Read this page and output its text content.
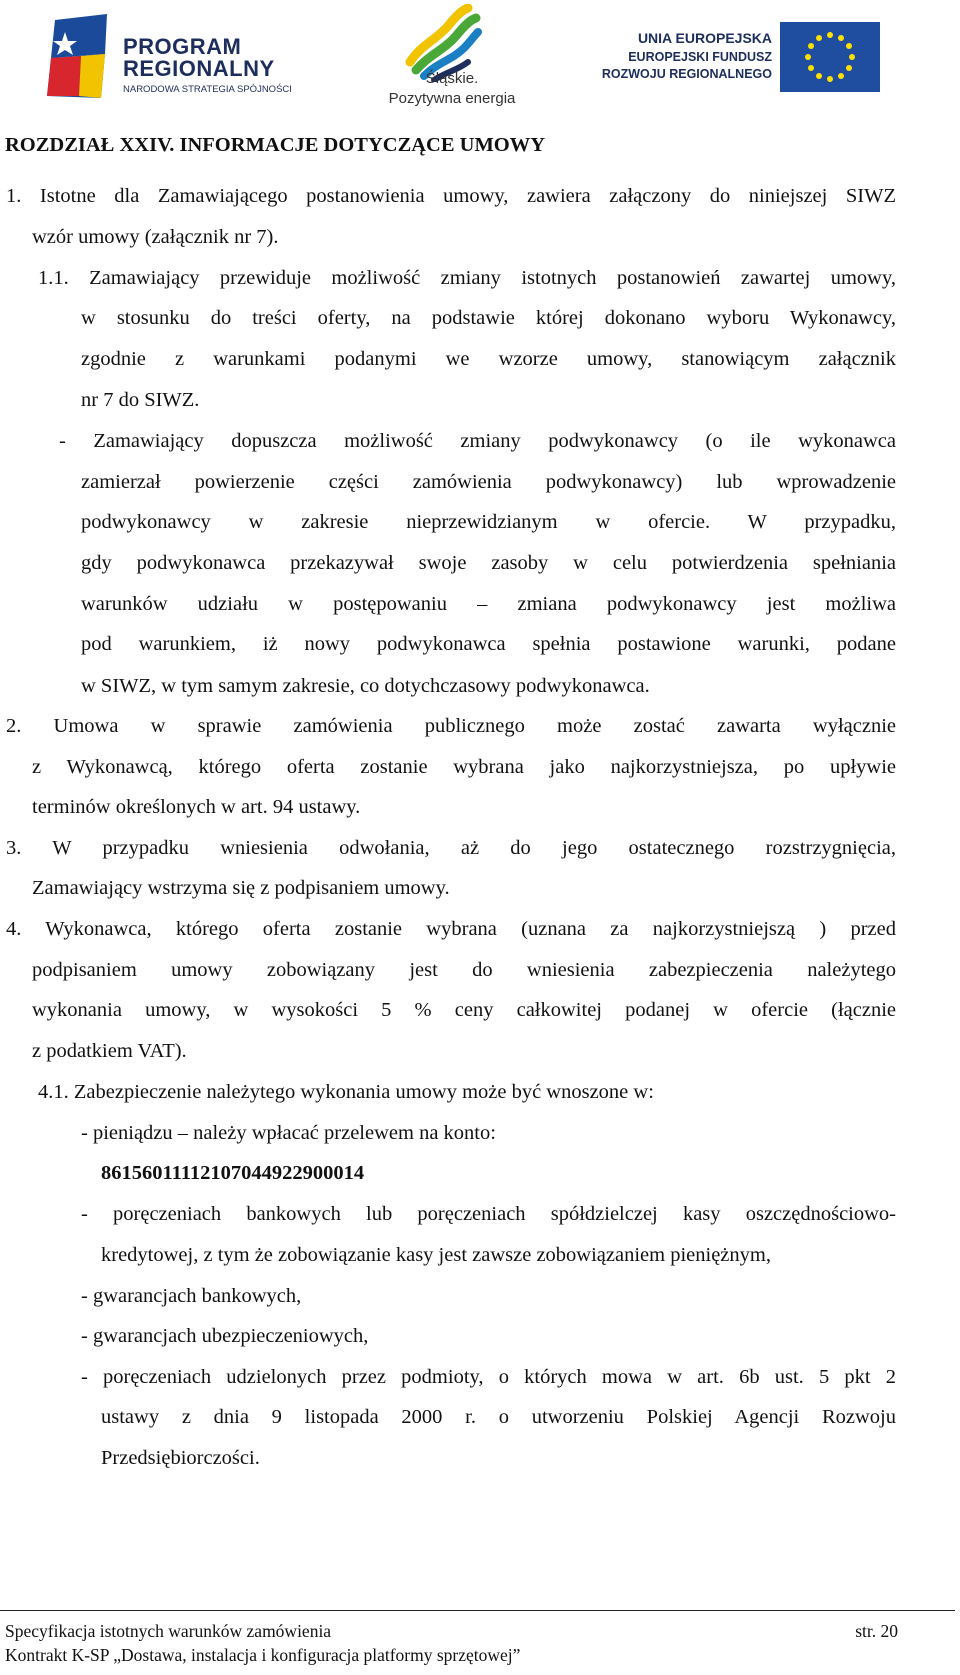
PROGRAM
REGIONALNY
NARODOWA STRATEGIA SPÓJNOŚCI
Śląskie.
Pozytywna energia
UNIA EUROPEJSKA
EUROPEJSKI FUNDUSZ
ROZWOJU REGIONALNEGO
ROZDZIAŁ XXIV. INFORMACJE DOTYCZĄCE UMOWY
1. Istotne dla Zamawiającego postanowienia umowy, zawiera załączony do niniejszej SIWZ
wzór umowy (załącznik nr 7).
1.1. Zamawiający przewiduje możliwość zmiany istotnych postanowień zawartej umowy,
w stosunku do treści oferty, na podstawie której dokonano wyboru Wykonawcy,
zgodnie z warunkami podanymi we wzorze umowy, stanowiącym załącznik
nr 7 do SIWZ.
- Zamawiający dopuszcza możliwość zmiany podwykonawcy (o ile wykonawca
zamierzał powierzenie części zamówienia podwykonawcy) lub wprowadzenie
podwykonawcy w zakresie nieprzewidzianym w ofercie. W przypadku,
gdy podwykonawca przekazywał swoje zasoby w celu potwierdzenia spełniania
warunków udziału w postępowaniu – zmiana podwykonawcy jest możliwa
pod warunkiem, iż nowy podwykonawca spełnia postawione warunki, podane
w SIWZ, w tym samym zakresie, co dotychczasowy podwykonawca.
2. Umowa w sprawie zamówienia publicznego może zostać zawarta wyłącznie
z Wykonawcą, którego oferta zostanie wybrana jako najkorzystniejsza, po upływie
terminów określonych w art. 94 ustawy.
3. W przypadku wniesienia odwołania, aż do jego ostatecznego rozstrzygnięcia,
Zamawiający wstrzyma się z podpisaniem umowy.
4. Wykonawca, którego oferta zostanie wybrana (uznana za najkorzystniejszą ) przed
podpisaniem umowy zobowiązany jest do wniesienia zabezpieczenia należytego
wykonania umowy, w wysokości 5 % ceny całkowitej podanej w ofercie (łącznie
z podatkiem VAT).
4.1. Zabezpieczenie należytego wykonania umowy może być wnoszone w:
- pieniądzu – należy wpłacać przelewem na konto:
86156011112107044922900014
- poręczeniach bankowych lub poręczeniach spółdzielczej kasy oszczędnościowo-
kredytowej, z tym że zobowiązanie kasy jest zawsze zobowiązaniem pieniężnym,
- gwarancjach bankowych,
- gwarancjach ubezpieczeniowych,
- poręczeniach udzielonych przez podmioty, o których mowa w art. 6b ust. 5 pkt 2
ustawy z dnia 9 listopada 2000 r. o utworzeniu Polskiej Agencji Rozwoju
Przedsiębiorczości.
Specyfikacja istotnych warunków zamówienia	str. 20
Kontrakt K-SP „Dostawa, instalacja i konfiguracja platformy sprzętowej”
